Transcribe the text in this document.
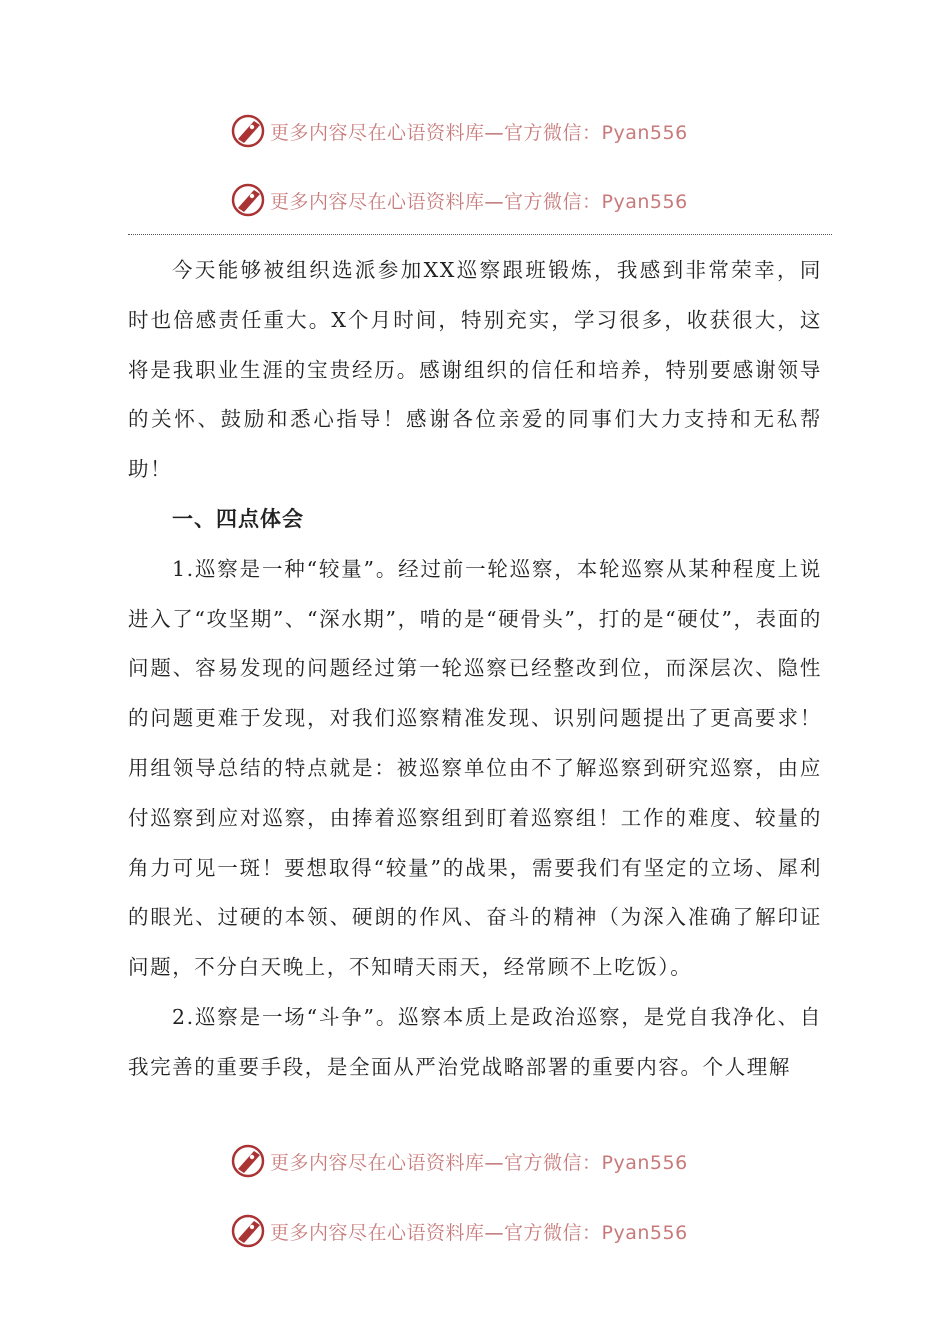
更多内容尽在心语资料库—官方微信：Pyan556
更多内容尽在心语资料库—官方微信：Pyan556

今天能够被组织选派参加XX巡察跟班锻炼，我感到非常荣幸，同时也倍感责任重大。X个月时间，特别充实，学习很多，收获很大，这将是我职业生涯的宝贵经历。感谢组织的信任和培养，特别要感谢领导的关怀、鼓励和悉心指导！感谢各位亲爱的同事们大力支持和无私帮助！

一、四点体会

1.巡察是一种“较量”。经过前一轮巡察，本轮巡察从某种程度上说进入了“攻坚期”、“深水期”，啃的是“硬骨头”，打的是“硬仗”，表面的问题、容易发现的问题经过第一轮巡察已经整改到位，而深层次、隐性的问题更难于发现，对我们巡察精准发现、识别问题提出了更高要求！用组领导总结的特点就是：被巡察单位由不了解巡察到研究巡察，由应付巡察到应对巡察，由捧着巡察组到盯着巡察组！工作的难度、较量的角力可见一斑！要想取得“较量”的战果，需要我们有坚定的立场、犀利的眼光、过硬的本领、硬朗的作风、奋斗的精神（为深入准确了解印证问题，不分白天晚上，不知晴天雨天，经常顾不上吃饭）。

2.巡察是一场“斗争”。巡察本质上是政治巡察，是党自我净化、自我完善的重要手段，是全面从严治党战略部署的重要内容。个人理解

更多内容尽在心语资料库—官方微信：Pyan556
更多内容尽在心语资料库—官方微信：Pyan556
